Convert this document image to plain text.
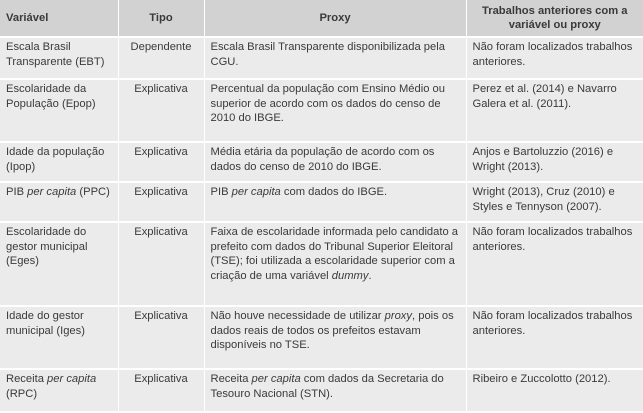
Variável	Tipo	Proxy	Trabalhos anteriores com a variável ou proxy
Escala Brasil Transparente (EBT)	Dependente	Escala Brasil Transparente disponibilizada pela CGU.	Não foram localizados trabalhos anteriores.
Escolaridade da População (Epop)	Explicativa	Percentual da população com Ensino Médio ou superior de acordo com os dados do censo de 2010 do IBGE.	Perez et al. (2014) e Navarro Galera et al. (2011).
Idade da população (Ipop)	Explicativa	Média etária da população de acordo com os dados do censo de 2010 do IBGE.	Anjos e Bartoluzzio (2016) e Wright (2013).
PIB per capita (PPC)	Explicativa	PIB per capita com dados do IBGE.	Wright (2013), Cruz (2010) e Styles e Tennyson (2007).
Escolaridade do gestor municipal (Eges)	Explicativa	Faixa de escolaridade informada pelo candidato a prefeito com dados do Tribunal Superior Eleitoral (TSE); foi utilizada a escolaridade superior com a criação de uma variável dummy.	Não foram localizados trabalhos anteriores.
Idade do gestor municipal (Iges)	Explicativa	Não houve necessidade de utilizar proxy, pois os dados reais de todos os prefeitos estavam disponíveis no TSE.	Não foram localizados trabalhos anteriores.
Receita per capita (RPC)	Explicativa	Receita per capita com dados da Secretaria do Tesouro Nacional (STN).	Ribeiro e Zuccolotto (2012).
